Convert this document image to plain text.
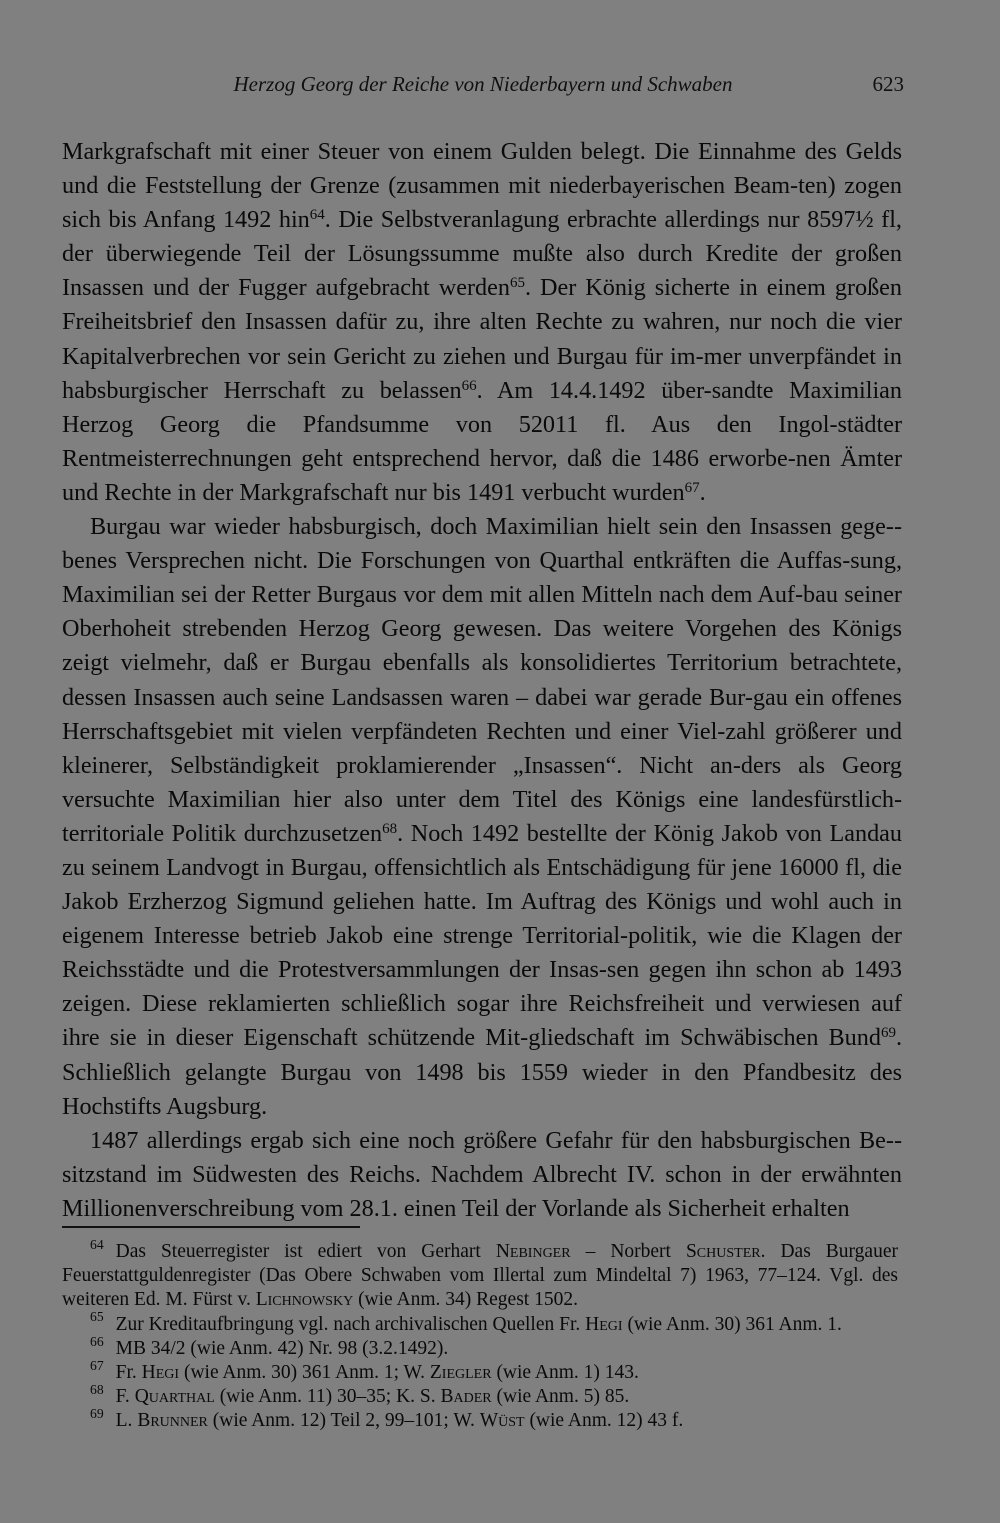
Herzog Georg der Reiche von Niederbayern und Schwaben	623

Markgrafschaft mit einer Steuer von einem Gulden belegt. Die Einnahme des Gelds und die Feststellung der Grenze (zusammen mit niederbayerischen Beam-ten) zogen sich bis Anfang 1492 hin$^{64}$. Die Selbstveranlagung erbrachte allerdings nur 8597½ fl, der überwiegende Teil der Lösungssumme mußte also durch Kredite der großen Insassen und der Fugger aufgebracht werden$^{65}$. Der König sicherte in einem großen Freiheitsbrief den Insassen dafür zu, ihre alten Rechte zu wahren, nur noch die vier Kapitalverbrechen vor sein Gericht zu ziehen und Burgau für im-mer unverpfändet in habsburgischer Herrschaft zu belassen$^{66}$. Am 14.4.1492 über-sandte Maximilian Herzog Georg die Pfandsumme von 52011 fl. Aus den Ingol-städter Rentmeisterrechnungen geht entsprechend hervor, daß die 1486 erworbe-nen Ämter und Rechte in der Markgrafschaft nur bis 1491 verbucht wurden$^{67}$.

Burgau war wieder habsburgisch, doch Maximilian hielt sein den Insassen gege-benes Versprechen nicht. Die Forschungen von Quarthal entkräften die Auffas-sung, Maximilian sei der Retter Burgaus vor dem mit allen Mitteln nach dem Auf-bau seiner Oberhoheit strebenden Herzog Georg gewesen. Das weitere Vorgehen des Königs zeigt vielmehr, daß er Burgau ebenfalls als konsolidiertes Territorium betrachtete, dessen Insassen auch seine Landsassen waren – dabei war gerade Bur-gau ein offenes Herrschaftsgebiet mit vielen verpfändeten Rechten und einer Viel-zahl größerer und kleinerer, Selbständigkeit proklamierender „Insassen“. Nicht an-ders als Georg versuchte Maximilian hier also unter dem Titel des Königs eine landesfürstlich-territoriale Politik durchzusetzen$^{68}$. Noch 1492 bestellte der König Jakob von Landau zu seinem Landvogt in Burgau, offensichtlich als Entschädigung für jene 16000 fl, die Jakob Erzherzog Sigmund geliehen hatte. Im Auftrag des Königs und wohl auch in eigenem Interesse betrieb Jakob eine strenge Territorial-politik, wie die Klagen der Reichsstädte und die Protestversammlungen der Insas-sen gegen ihn schon ab 1493 zeigen. Diese reklamierten schließlich sogar ihre Reichsfreiheit und verwiesen auf ihre sie in dieser Eigenschaft schützende Mit-gliedschaft im Schwäbischen Bund$^{69}$. Schließlich gelangte Burgau von 1498 bis 1559 wieder in den Pfandbesitz des Hochstifts Augsburg.

1487 allerdings ergab sich eine noch größere Gefahr für den habsburgischen Be-sitzstand im Südwesten des Reichs. Nachdem Albrecht IV. schon in der erwähnten Millionenverschreibung vom 28.1. einen Teil der Vorlande als Sicherheit erhalten

$^{64}$ Das Steuerregister ist ediert von Gerhart Nebinger – Norbert Schuster. Das Burgauer Feuerstattguldenregister (Das Obere Schwaben vom Illertal zum Mindeltal 7) 1963, 77–124. Vgl. des weiteren Ed. M. Fürst v. Lichnowsky (wie Anm. 34) Regest 1502.

$^{65}$ Zur Kreditaufbringung vgl. nach archivalischen Quellen Fr. Hegi (wie Anm. 30) 361 Anm. 1.

$^{66}$ MB 34/2 (wie Anm. 42) Nr. 98 (3.2.1492).

$^{67}$ Fr. Hegi (wie Anm. 30) 361 Anm. 1; W. Ziegler (wie Anm. 1) 143.

$^{68}$ F. Quarthal (wie Anm. 11) 30–35; K. S. Bader (wie Anm. 5) 85.

$^{69}$ L. Brunner (wie Anm. 12) Teil 2, 99–101; W. Wüst (wie Anm. 12) 43 f.
